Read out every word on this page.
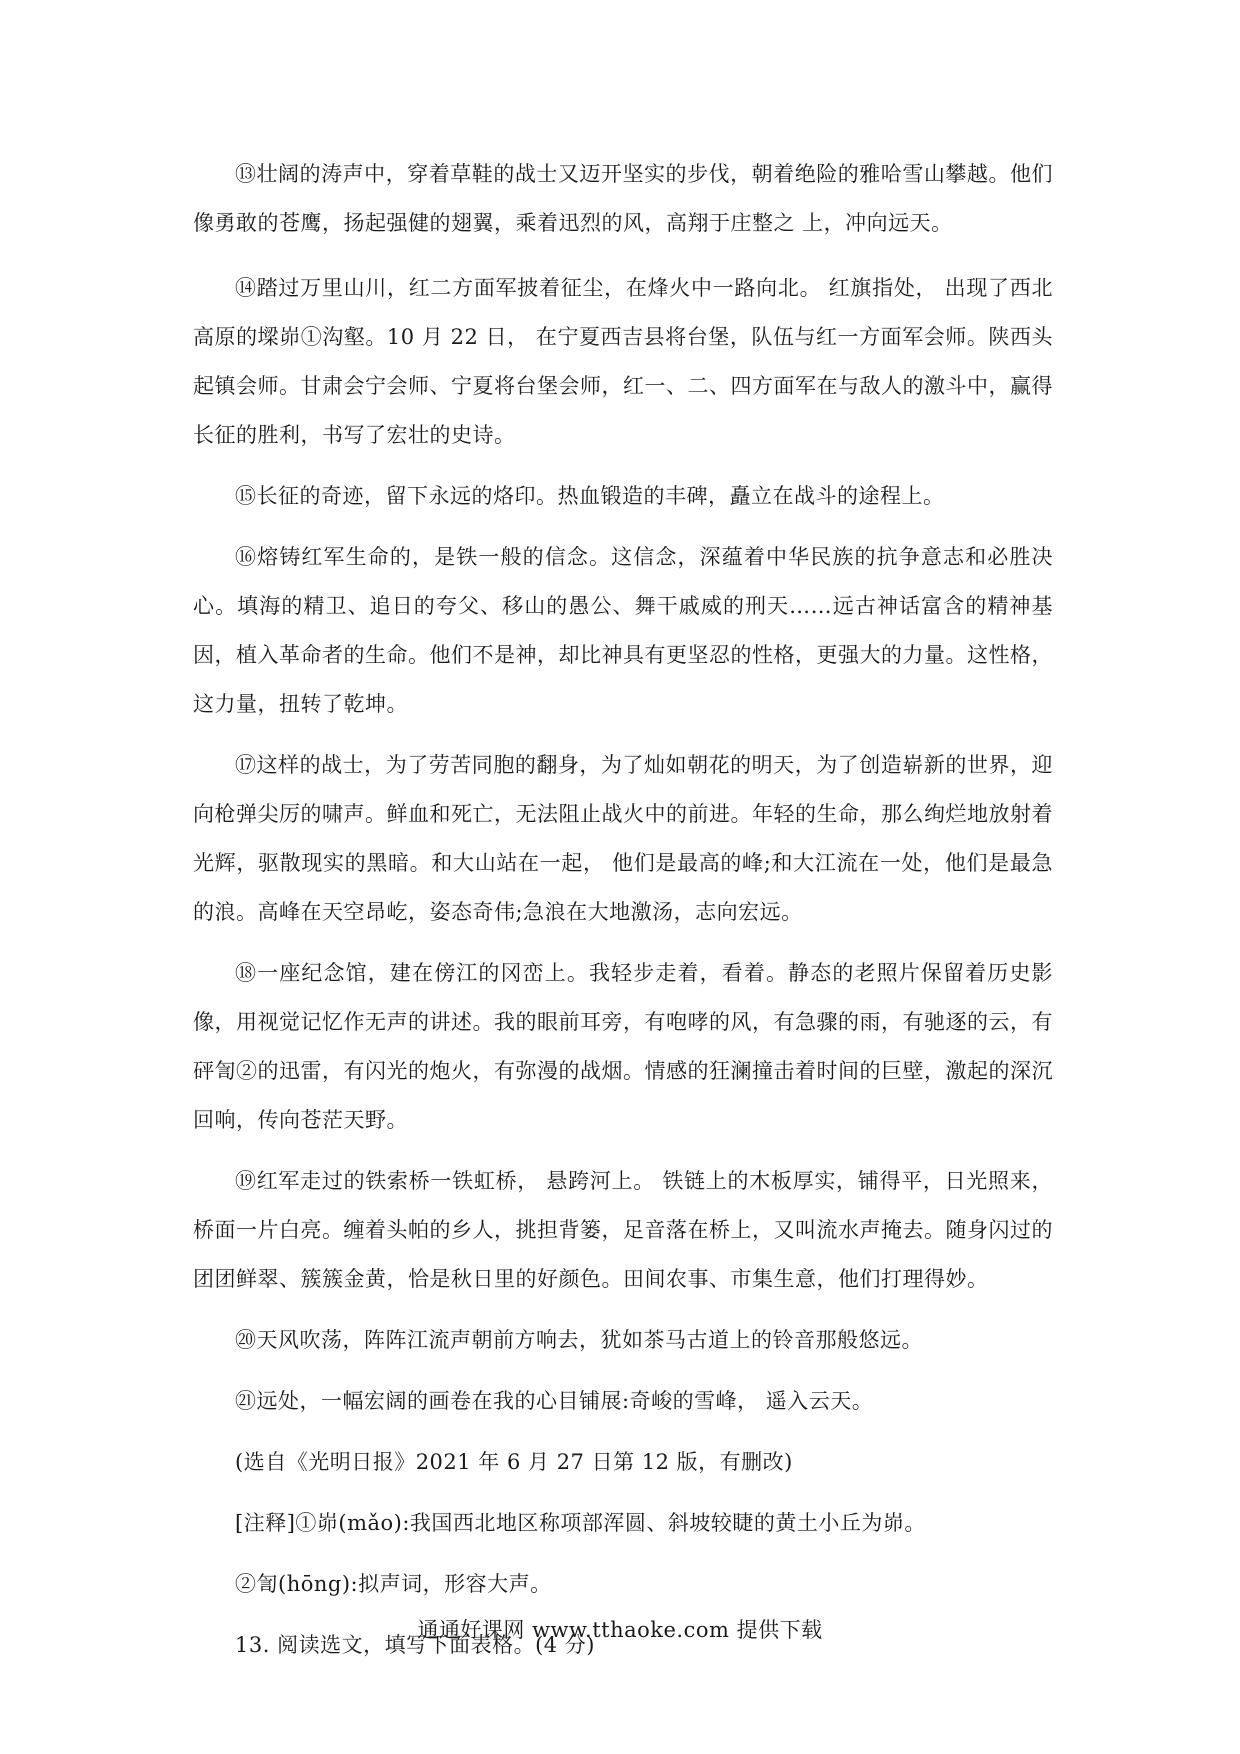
⑬壮阔的涛声中，穿着草鞋的战士又迈开坚实的步伐，朝着绝险的雅哈雪山攀越。他们像勇敢的苍鹰，扬起强健的翅翼，乘着迅烈的风，高翔于庄整之 上，冲向远天。

⑭踏过万里山川，红二方面军披着征尘，在烽火中一路向北。 红旗指处， 出现了西北高原的墚峁①沟壑。10 月 22 日， 在宁夏西吉县将台堡，队伍与红一方面军会师。陕西头起镇会师。甘肃会宁会师、宁夏将台堡会师，红一、二、四方面军在与敌人的激斗中，赢得长征的胜利，书写了宏壮的史诗。

⑮长征的奇迹，留下永远的烙印。热血锻造的丰碑，矗立在战斗的途程上。

⑯熔铸红军生命的，是铁一般的信念。这信念，深蕴着中华民族的抗争意志和必胜决心。填海的精卫、追日的夸父、移山的愚公、舞干戚威的刑天……远古神话富含的精神基因，植入革命者的生命。他们不是神，却比神具有更坚忍的性格，更强大的力量。这性格，这力量，扭转了乾坤。

⑰这样的战士，为了劳苦同胞的翻身，为了灿如朝花的明天，为了创造崭新的世界，迎向枪弹尖厉的啸声。鲜血和死亡，无法阻止战火中的前进。年轻的生命，那么绚烂地放射着光辉，驱散现实的黑暗。和大山站在一起， 他们是最高的峰;和大江流在一处，他们是最急的浪。高峰在天空昂屹，姿态奇伟;急浪在大地激汤，志向宏远。

⑱一座纪念馆，建在傍江的冈峦上。我轻步走着，看着。静态的老照片保留着历史影像，用视觉记忆作无声的讲述。我的眼前耳旁，有咆哮的风，有急骤的雨，有驰逐的云，有砰訇②的迅雷，有闪光的炮火，有弥漫的战烟。情感的狂澜撞击着时间的巨壁，激起的深沉回响，传向苍茫天野。

⑲红军走过的铁索桥一铁虹桥， 悬跨河上。 铁链上的木板厚实，铺得平，日光照来，桥面一片白亮。缠着头帕的乡人，挑担背篓，足音落在桥上，又叫流水声掩去。随身闪过的团团鲜翠、簇簇金黄，恰是秋日里的好颜色。田间农事、市集生意，他们打理得妙。

⑳天风吹荡，阵阵江流声朝前方响去，犹如茶马古道上的铃音那般悠远。

㉑远处，一幅宏阔的画卷在我的心目铺展:奇峻的雪峰， 遥入云天。

(选自《光明日报》2021 年 6 月 27 日第 12 版，有删改)

[注释]①峁(mǎo):我国西北地区称项部浑圆、斜坡较睫的黄土小丘为峁。

②訇(hōng):拟声词，形容大声。

13. 阅读选文，填写下面表格。(4 分)

通通好课网 www.tthaoke.com 提供下载
